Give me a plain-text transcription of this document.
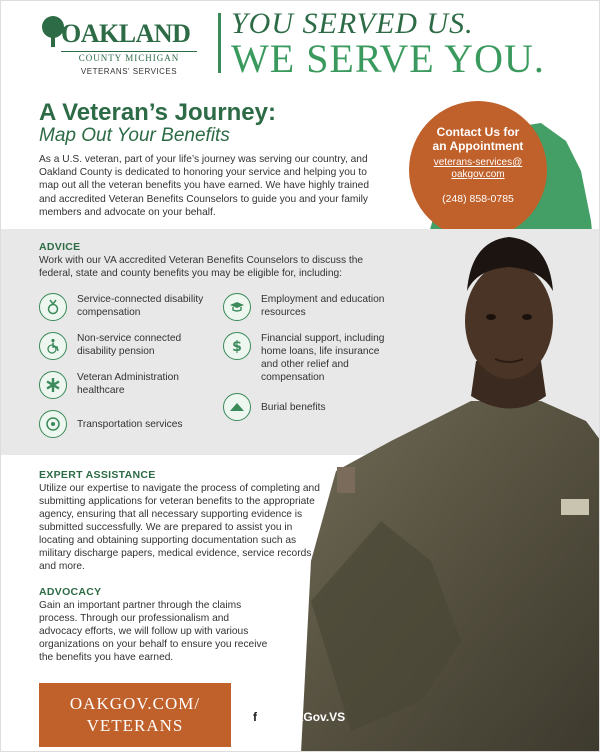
OAKLAND
COUNTY MICHIGAN
VETERANS' SERVICES
YOU SERVED US.
WE SERVE YOU.
A Veteran’s Journey:
Map Out Your Benefits
As a U.S. veteran, part of your life’s journey was serving our country, and Oakland County is dedicated to honoring your service and helping you to map out all the veteran benefits you have earned. We have highly trained and accredited Veteran Benefits Counselors to guide you and your family members and advocate on your behalf.
Contact Us for
an Appointment
veterans-services@
oakgov.com
(248) 858-0785
ADVICE
Work with our VA accredited Veteran Benefits Counselors to discuss the federal, state and county benefits you may be eligible for, including:
Service-connected disability compensation
Non-service connected disability pension
Veteran Administration healthcare
Transportation services
Employment and education resources
$
Financial support, including home loans, life insurance and other relief and compensation
Burial benefits
EXPERT ASSISTANCE
Utilize our expertise to navigate the process of completing and submitting applications for veteran benefits to the appropriate agency, ensuring that all necessary supporting evidence is submitted successfully. We are prepared to assist you in locating and obtaining supporting documentation such as military discharge papers, medical evidence, service records and more.
ADVOCACY
Gain an important partner through the claims process. Through our professionalism and advocacy efforts, we will follow up with various organizations on your behalf to ensure you receive the benefits you have earned.
OAKGOV.COM/
VETERANS	f	@OakGov.VS
